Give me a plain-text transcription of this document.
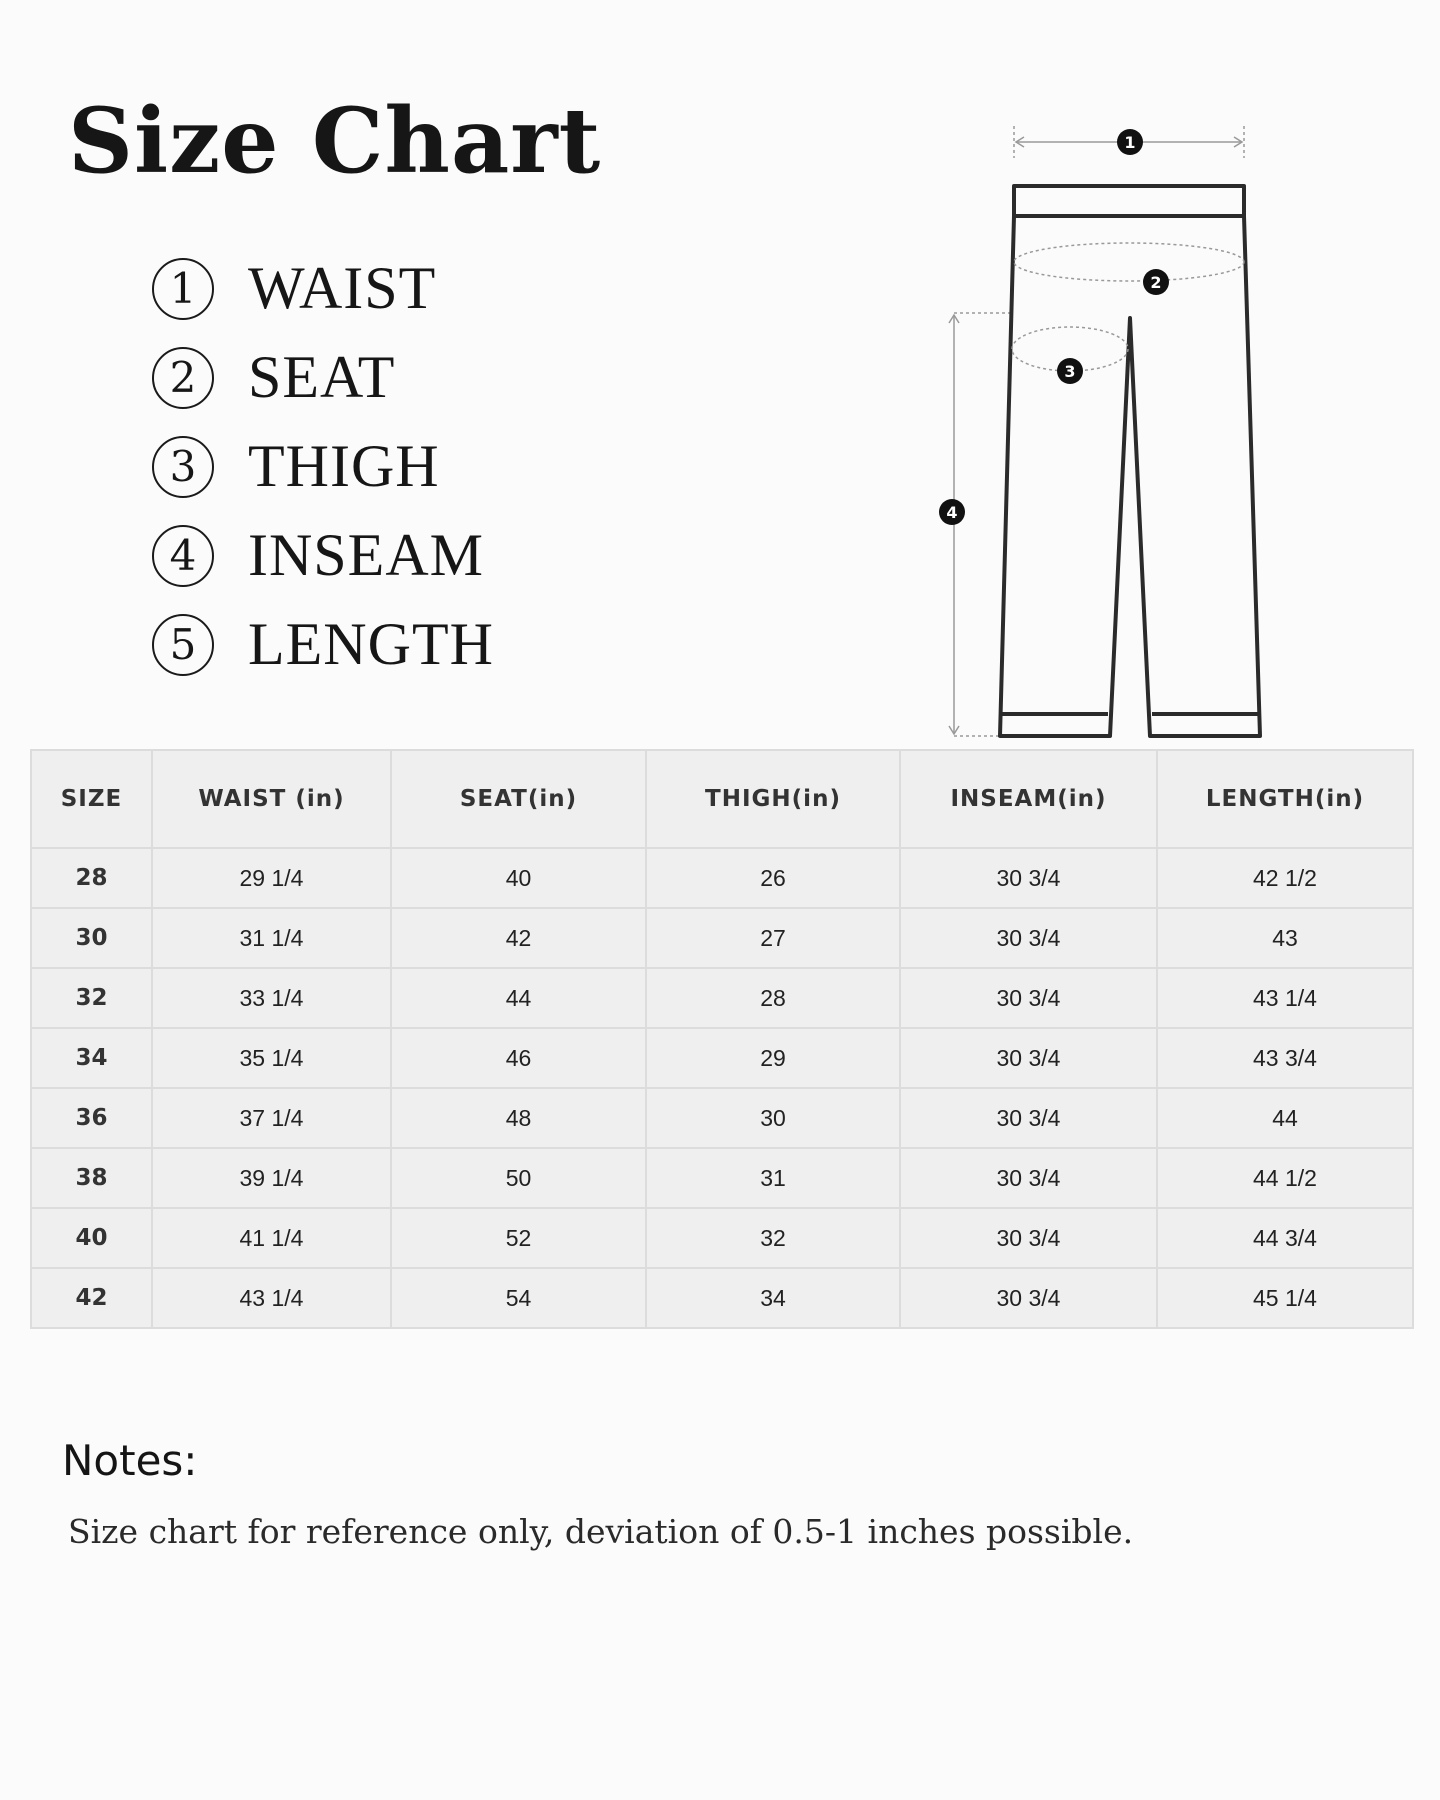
Size Chart
1 WAIST
2 SEAT
3 THIGH
4 INSEAM
5 LENGTH
1
2
3
4
SIZE	WAIST (in)	SEAT(in)	THIGH(in)	INSEAM(in)	LENGTH(in)
28	29 1/4	40	26	30 3/4	42 1/2
30	31 1/4	42	27	30 3/4	43
32	33 1/4	44	28	30 3/4	43 1/4
34	35 1/4	46	29	30 3/4	43 3/4
36	37 1/4	48	30	30 3/4	44
38	39 1/4	50	31	30 3/4	44 1/2
40	41 1/4	52	32	30 3/4	44 3/4
42	43 1/4	54	34	30 3/4	45 1/4
Notes:

Size chart for reference only, deviation of 0.5-1 inches possible.
